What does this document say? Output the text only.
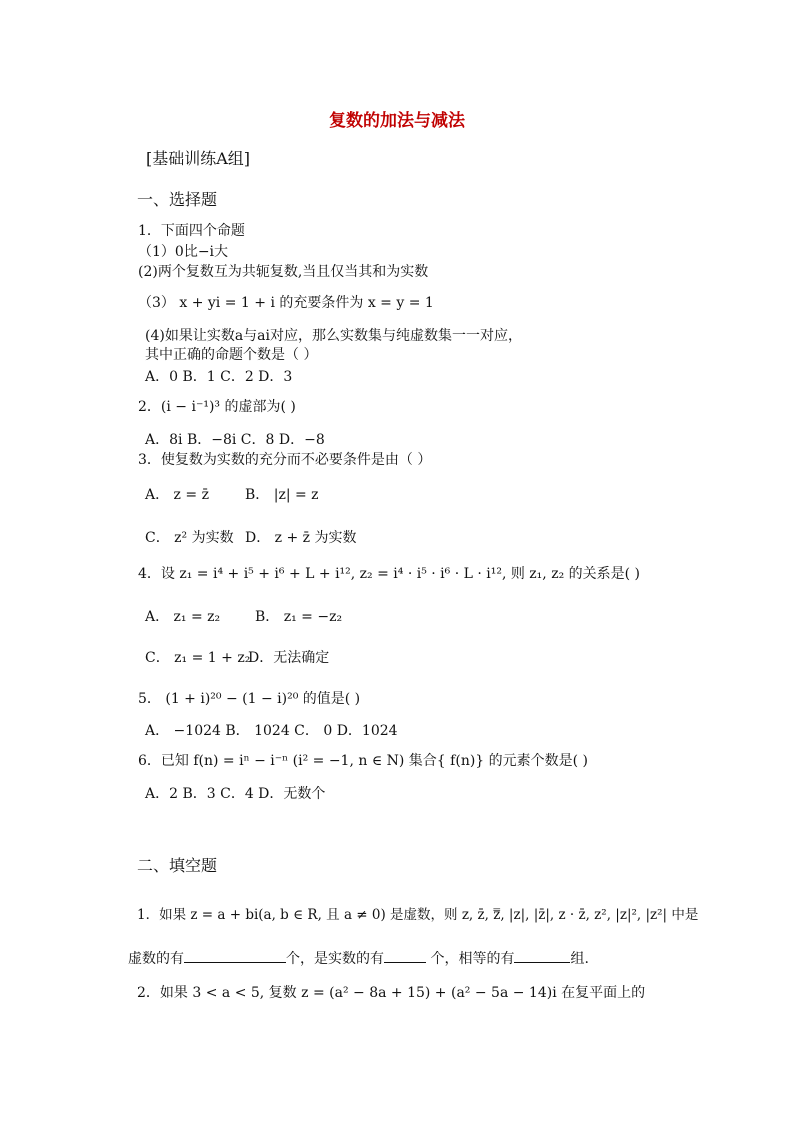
复数的加法与减法
[基础训练A组]
一、选择题
1．下面四个命题
（1）0比−i大
(2)两个复数互为共轭复数,当且仅当其和为实数
（3） x + yi = 1 + i 的充要条件为 x = y = 1
(4)如果让实数a与ai对应，那么实数集与纯虚数集一一对应，
其中正确的命题个数是（ ）
A．0 B．1 C．2 D．3
2．(i − i⁻¹)³ 的虚部为( )
A．8i B．−8i C．8 D．−8
3．使复数为实数的充分而不必要条件是由（ ）
A． z = z̄	B． |z| = z
C． z² 为实数 D． z + z̄ 为实数
4．设 z₁ = i⁴ + i⁵ + i⁶ + L + i¹², z₂ = i⁴ · i⁵ · i⁶ · L · i¹², 则 z₁, z₂ 的关系是( )
A． z₁ = z₂ B． z₁ = −z₂
C． z₁ = 1 + z₂
D．无法确定
5． (1 + i)²⁰ − (1 − i)²⁰ 的值是( )
A． −1024 B． 1024 C． 0 D．1024
6．已知 f(n) = iⁿ − i⁻ⁿ (i² = −1, n ∈ N) 集合{ f(n)} 的元素个数是( )
A．2 B．3 C．4 D．无数个
二、填空题
1．如果 z = a + bi(a, b ∈ R, 且 a ≠ 0) 是虚数，则 z, z̄, z̿, |z|, |z̄|, z · z̄, z², |z|², |z²| 中是
虚数的有	个，是实数的有	个，相等的有	组.
2．如果 3 < a < 5, 复数 z = (a² − 8a + 15) + (a² − 5a − 14)i 在复平面上的
